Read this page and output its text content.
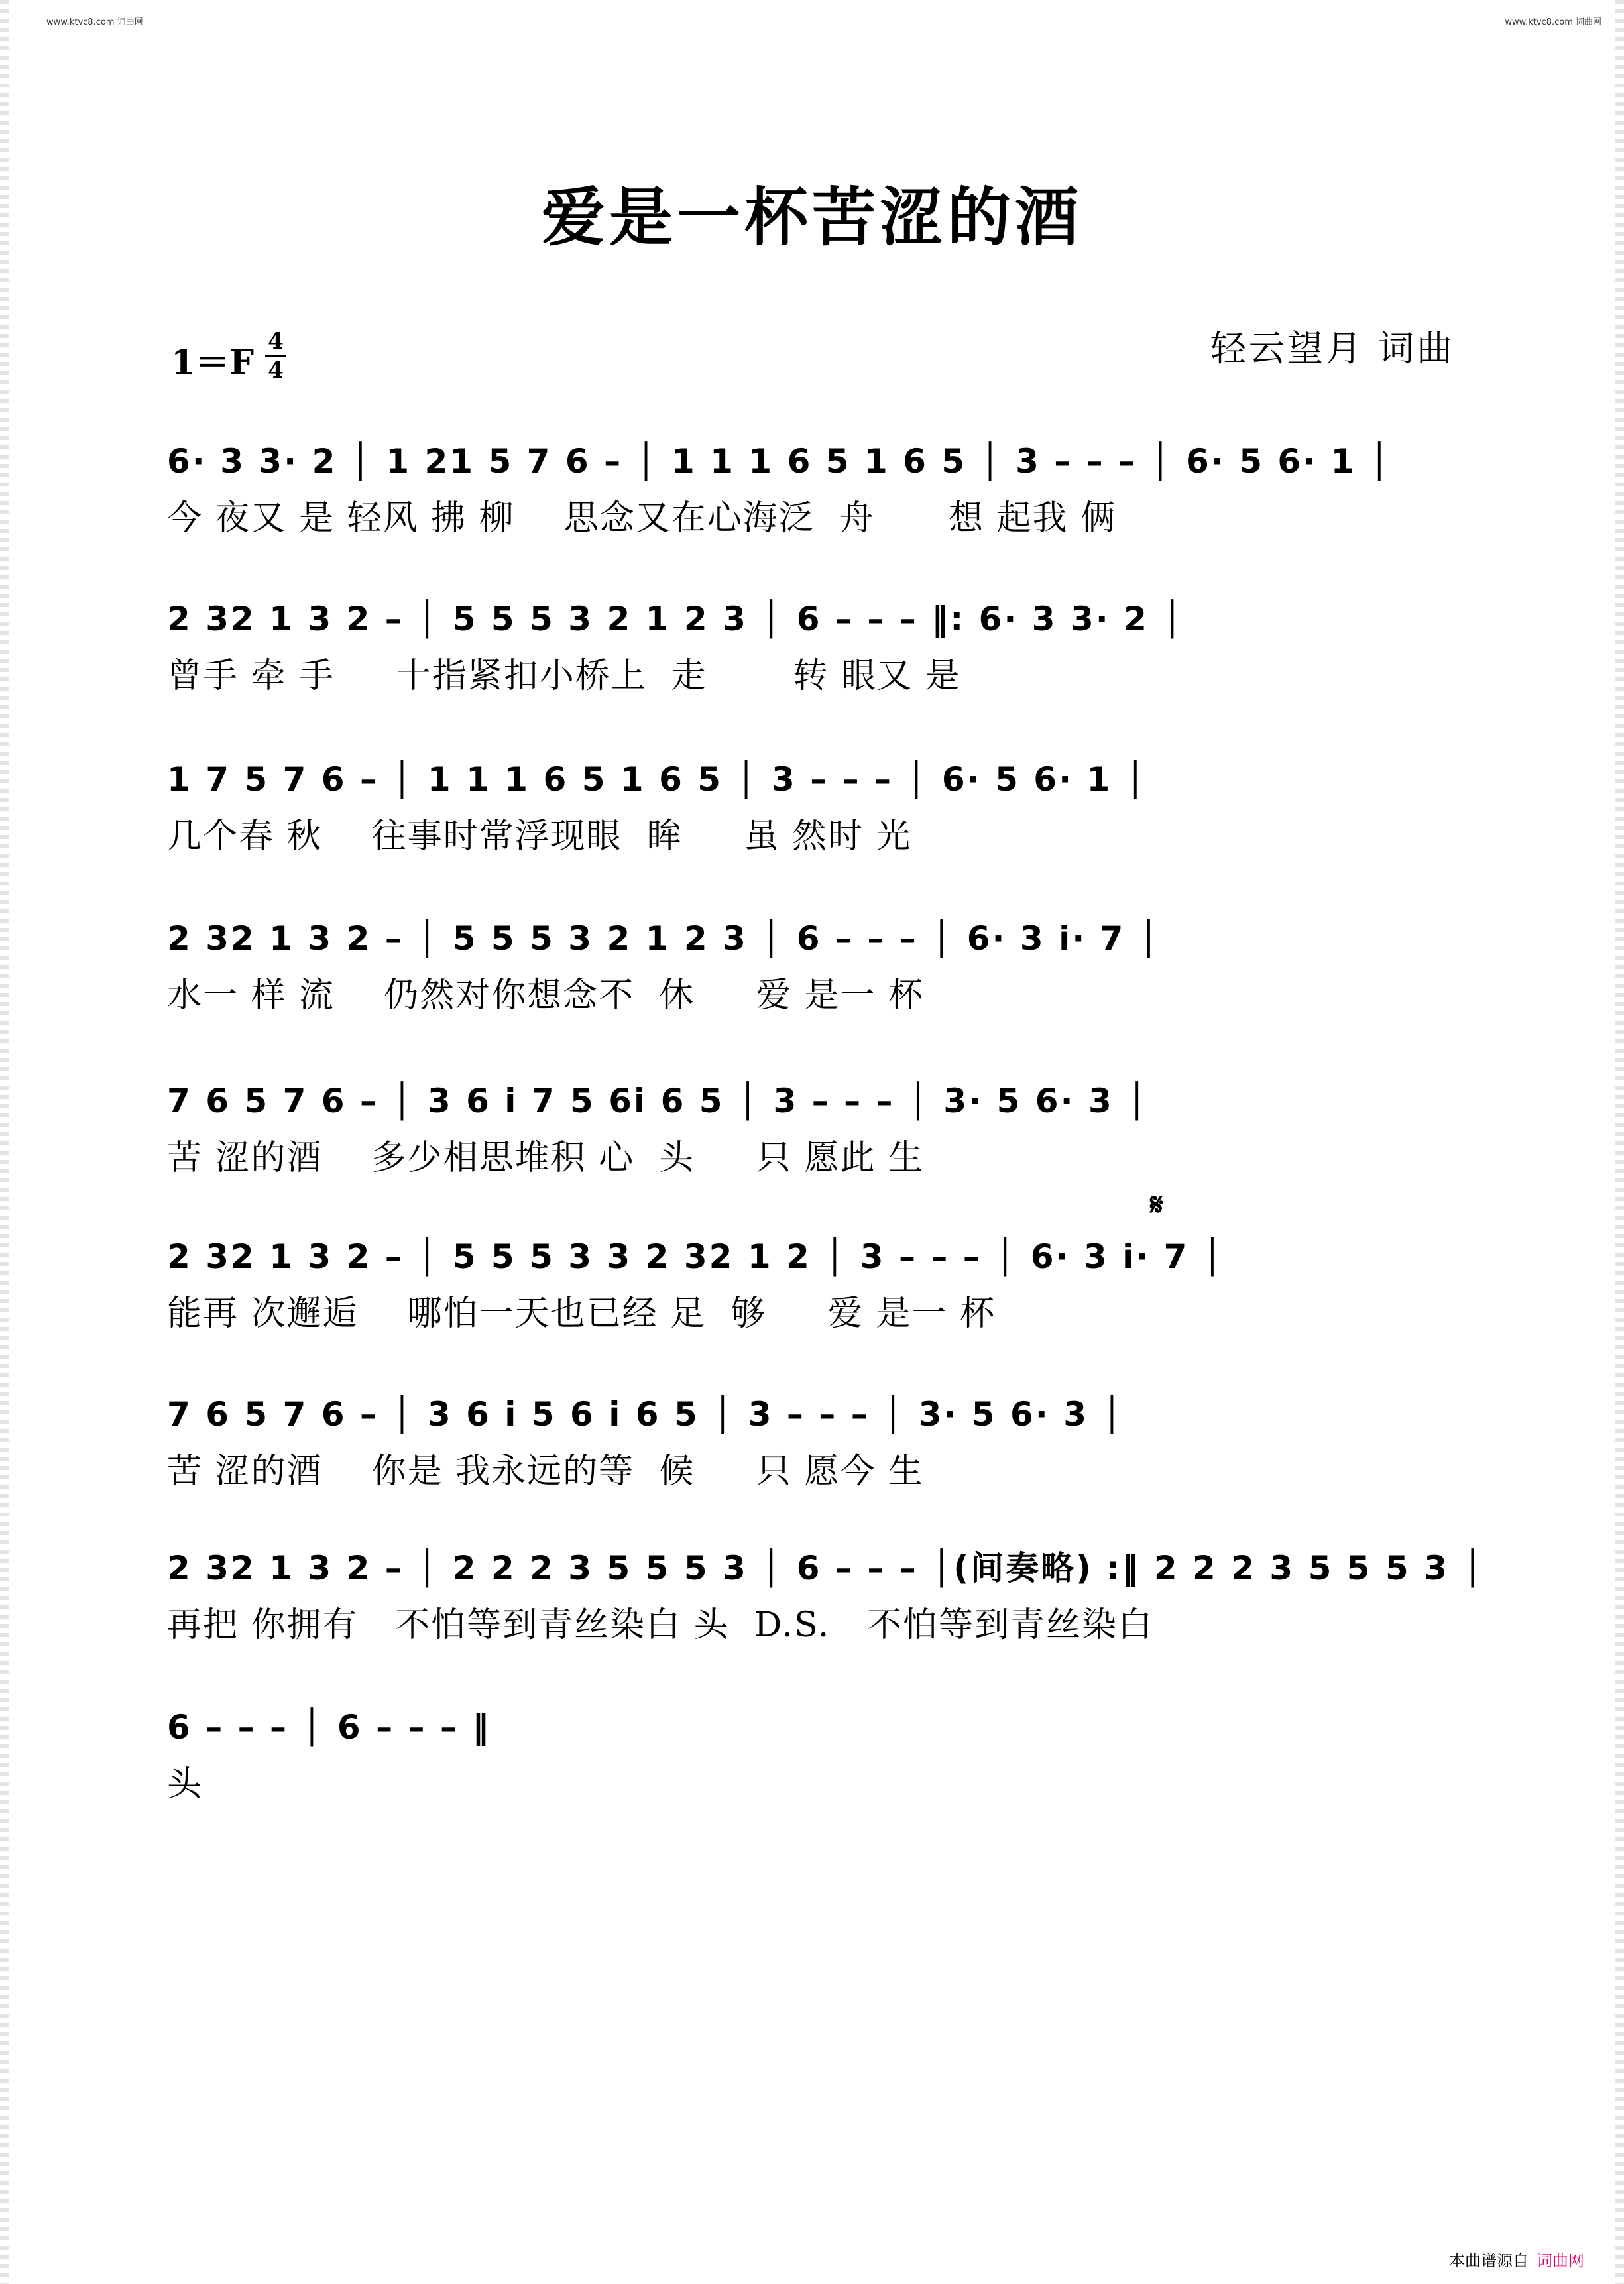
www.ktvc8.com 词曲网	www.ktvc8.com 词曲网
爱是一杯苦涩的酒
1＝F
4
4
轻云望月 词曲
6· 3 3· 2 │ 1 21 5 7 6 – │ 1 1 1 6 5 1 6 5 │ 3 – – – │ 6· 5 6· 1 │
今 夜又 是 轻风 拂 柳    思念又在心海泛  舟      想 起我 俩
2 32 1 3 2 – │ 5 5 5 3 2 1 2 3 │ 6 – – – ‖: 6· 3 3· 2 │
曾手 牵 手     十指紧扣小桥上  走       转 眼又 是
1 7 5 7 6 – │ 1 1 1 6 5 1 6 5 │ 3 – – – │ 6· 5 6· 1 │
几个春 秋    往事时常浮现眼  眸     虽 然时 光
2 32 1 3 2 – │ 5 5 5 3 2 1 2 3 │ 6 – – – │ 6· 3 i· 7 │
水一 样 流    仍然对你想念不  休     爱 是一 杯
7 6 5 7 6 – │ 3 6 i 7 5 6i 6 5 │ 3 – – – │ 3· 5 6· 3 │
苦 涩的酒    多少相思堆积 心  头     只 愿此 生
𝄋
2 32 1 3 2 – │ 5 5 5 3 3 2 32 1 2 │ 3 – – – │ 6· 3 i· 7 │
能再 次邂逅    哪怕一天也已经 足  够     爱 是一 杯
7 6 5 7 6 – │ 3 6 i 5 6 i 6 5 │ 3 – – – │ 3· 5 6· 3 │
苦 涩的酒    你是 我永远的等  候     只 愿今 生
2 32 1 3 2 – │ 2 2 2 3 5 5 5 3 │ 6 – – – │(间奏略) :‖ 2 2 2 3 5 5 5 3 │
再把 你拥有   不怕等到青丝染白 头  D.S.   不怕等到青丝染白
6 – – – │ 6 – – – ‖
头
本曲谱源自 词曲网
